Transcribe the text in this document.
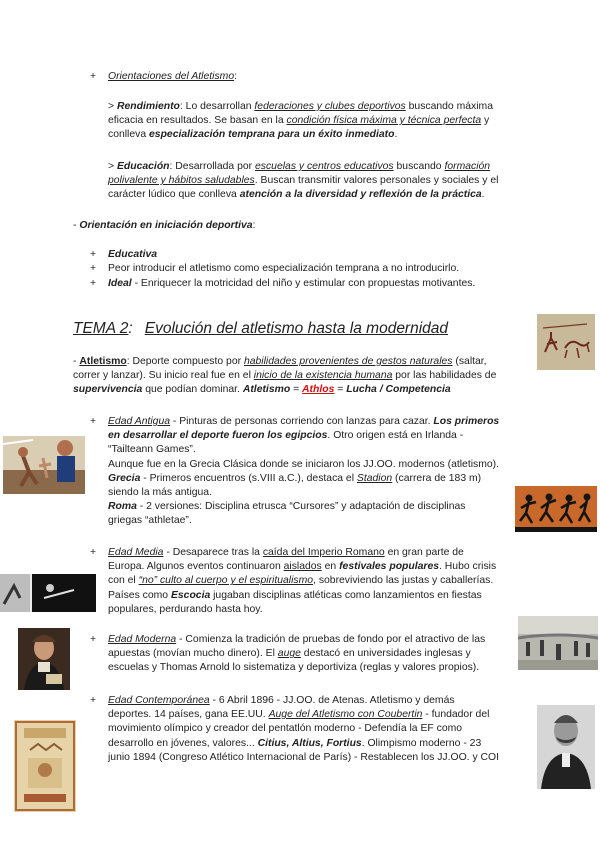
+ Orientaciones del Atletismo:
> Rendimiento: Lo desarrollan federaciones y clubes deportivos buscando máxima
eficacia en resultados. Se basan en la condición física máxima y técnica perfecta y
conlleva especialización temprana para un éxito inmediato.
> Educación: Desarrollada por escuelas y centros educativos buscando formación
polivalente y hábitos saludables. Buscan transmitir valores personales y sociales y el
carácter lúdico que conlleva atención a la diversidad y reflexión de la práctica.
- Orientación en iniciación deportiva:
+ Educativa
+ Peor introducir el atletismo como especialización temprana a no introducirlo.
+ Ideal - Enriquecer la motricidad del niño y estimular con propuestas motivantes.
TEMA 2: Evolución del atletismo hasta la modernidad
- Atletismo: Deporte compuesto por habilidades provenientes de gestos naturales (saltar,
correr y lanzar). Su inicio real fue en el inicio de la existencia humana por las habilidades de
supervivencia que podían dominar. Atletismo = Athlos = Lucha / Competencia
+ Edad Antigua - Pinturas de personas corriendo con lanzas para cazar. Los primeros
en desarrollar el deporte fueron los egipcios. Otro origen está en Irlanda -
“Tailteann Games”.
Aunque fue en la Grecia Clásica donde se iniciaron los JJ.OO. modernos (atletismo).
Grecia - Primeros encuentros (s.VIII a.C.), destaca el Stadion (carrera de 183 m)
siendo la más antigua.
Roma - 2 versiones: Disciplina etrusca “Cursores” y adaptación de disciplinas
griegas “athletae”.
+ Edad Media - Desaparece tras la caída del Imperio Romano en gran parte de
Europa. Algunos eventos continuaron aislados en festivales populares. Hubo crisis
con el “no” culto al cuerpo y el espiritualismo, sobreviviendo las justas y caballerías.
Países como Escocia jugaban disciplinas atléticas como lanzamientos en fiestas
populares, perdurando hasta hoy.
+ Edad Moderna - Comienza la tradición de pruebas de fondo por el atractivo de las
apuestas (movían mucho dinero). El auge destacó en universidades inglesas y
escuelas y Thomas Arnold lo sistematiza y deportiviza (reglas y valores propios).
+ Edad Contemporánea - 6 Abril 1896 - JJ.OO. de Atenas. Atletismo y demás
deportes. 14 países, gana EE.UU. Auge del Atletismo con Coubertin - fundador del
movimiento olímpico y creador del pentatlón moderno - Defendía la EF como
desarrollo en jóvenes, valores... Citius, Altius, Fortius. Olimpismo moderno - 23
junio 1894 (Congreso Atlético Internacional de París) - Restablecen los JJ.OO. y COI
